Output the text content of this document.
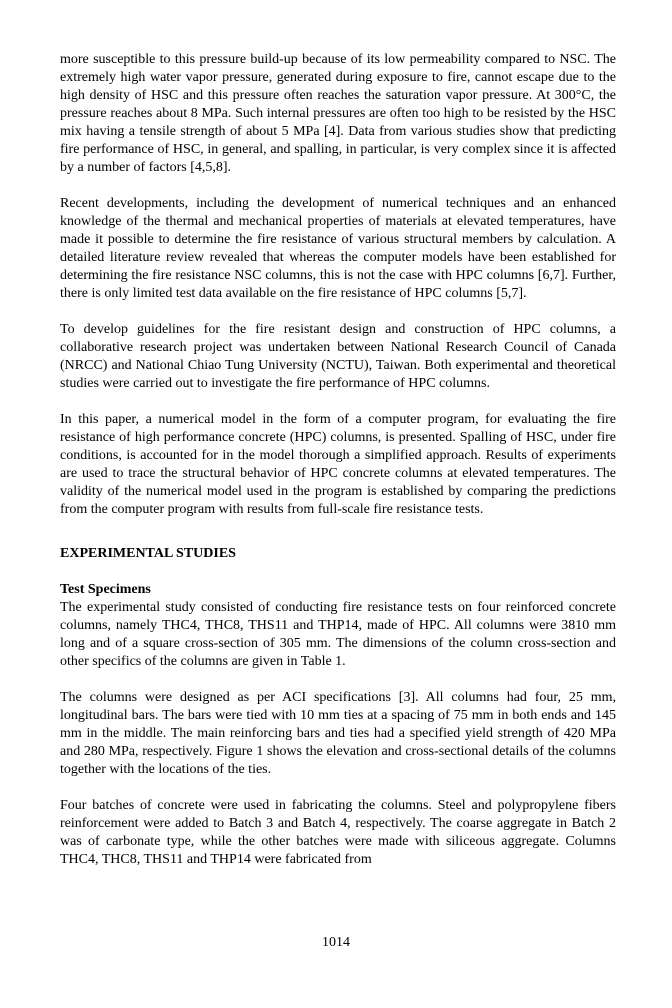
more susceptible to this pressure build-up because of its low permeability compared to NSC. The extremely high water vapor pressure, generated during exposure to fire, cannot escape due to the high density of HSC and this pressure often reaches the saturation vapor pressure. At 300°C, the pressure reaches about 8 MPa. Such internal pressures are often too high to be resisted by the HSC mix having a tensile strength of about 5 MPa [4]. Data from various studies show that predicting fire performance of HSC, in general, and spalling, in particular, is very complex since it is affected by a number of factors [4,5,8].

Recent developments, including the development of numerical techniques and an enhanced knowledge of the thermal and mechanical properties of materials at elevated temperatures, have made it possible to determine the fire resistance of various structural members by calculation. A detailed literature review revealed that whereas the computer models have been established for determining the fire resistance NSC columns, this is not the case with HPC columns [6,7]. Further, there is only limited test data available on the fire resistance of HPC columns [5,7].

To develop guidelines for the fire resistant design and construction of HPC columns, a collaborative research project was undertaken between National Research Council of Canada (NRCC) and National Chiao Tung University (NCTU), Taiwan. Both experimental and theoretical studies were carried out to investigate the fire performance of HPC columns.

In this paper, a numerical model in the form of a computer program, for evaluating the fire resistance of high performance concrete (HPC) columns, is presented. Spalling of HSC, under fire conditions, is accounted for in the model thorough a simplified approach. Results of experiments are used to trace the structural behavior of HPC concrete columns at elevated temperatures. The validity of the numerical model used in the program is established by comparing the predictions from the computer program with results from full-scale fire resistance tests.

EXPERIMENTAL STUDIES
Test Specimens

The experimental study consisted of conducting fire resistance tests on four reinforced concrete columns, namely THC4, THC8, THS11 and THP14, made of HPC. All columns were 3810 mm long and of a square cross-section of 305 mm. The dimensions of the column cross-section and other specifics of the columns are given in Table 1.

The columns were designed as per ACI specifications [3]. All columns had four, 25 mm, longitudinal bars. The bars were tied with 10 mm ties at a spacing of 75 mm in both ends and 145 mm in the middle. The main reinforcing bars and ties had a specified yield strength of 420 MPa and 280 MPa, respectively. Figure 1 shows the elevation and cross-sectional details of the columns together with the locations of the ties.

Four batches of concrete were used in fabricating the columns. Steel and polypropylene fibers reinforcement were added to Batch 3 and Batch 4, respectively. The coarse aggregate in Batch 2 was of carbonate type, while the other batches were made with siliceous aggregate. Columns THC4, THC8, THS11 and THP14 were fabricated from

1014
